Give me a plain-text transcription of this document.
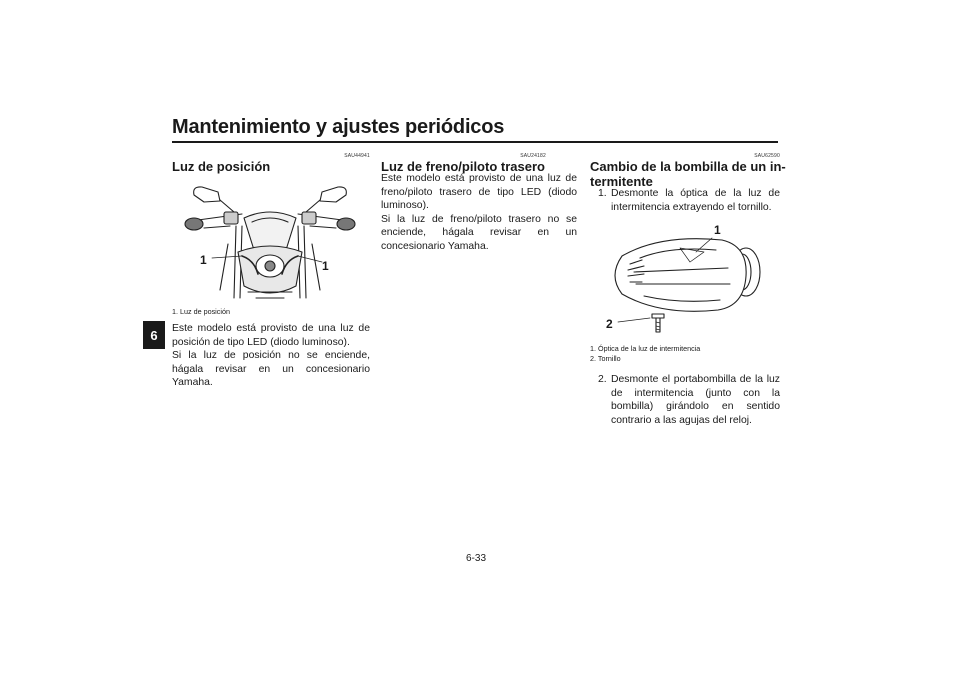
Mantenimiento y ajustes periódicos
6
SAU44941
Luz de posición
1	1
1. Luz de posición
Este modelo está provisto de una luz de posición de tipo LED (diodo luminoso).
Si la luz de posición no se enciende, hágala revisar en un concesionario Yamaha.
SAU24182
Luz de freno/piloto trasero
Este modelo está provisto de una luz de freno/piloto trasero de tipo LED (diodo luminoso).
Si la luz de freno/piloto trasero no se enciende, hágala revisar en un concesionario Yamaha.
SAU62590
Cambio de la bombilla de un in-
termitente
1. Desmonte la óptica de la luz de intermitencia extrayendo el tornillo.
1
2
1. Óptica de la luz de intermitencia
2. Tornillo
2. Desmonte el portabombilla de la luz de intermitencia (junto con la bombilla) girándolo en sentido contrario a las agujas del reloj.
6-33
